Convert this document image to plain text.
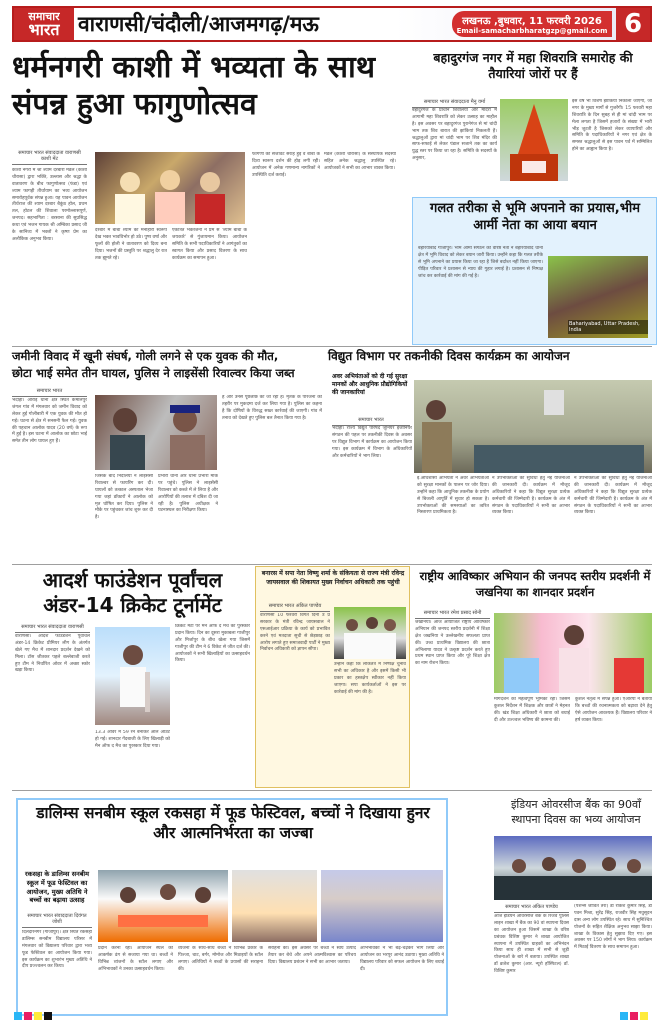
समाचार
भारत वाराणसी/चंदौली/आजमगढ़/मऊ	लखनऊ ,बुधवार, 11 फरवरी 2026
Email-samacharbharatgzp@gmail.com 6
धर्मनगरी काशी में भव्यता के साथ संपन्न हुआ फागुणोत्सव
समाचार भारत संवाददाता वाराणसी
काशी मेंट
काशी नगरी में श्री श्याम दरबारी मंडल (काशी चौरासा) द्वारा भक्ति, उल्लास और श्रद्धा के वातावरण के बीच फागुणोत्सव (फंडा) एवं श्याम फागही तीर्थायाम का भव्य आयोजन समारोहपूर्वक संपन्न हुआ। यह पावन आयोजन तीर्थराज की श्याम दरबार बैकुंठ होल, प्रथम तल, होटल की शिवाला परमोल्लासपूर्ण, जनपद। सहभागिता : बरसाना की सुप्रसिद्ध कथा एवं भजन गायक श्री अम्बिका प्रसाद जी के सानिध्य में भक्तों ने कृष्ण प्रेम का अलौकिक अनुभव किया।
दरबार में बाबा श्याम का मनोहारी स्वरूप देख भक्त भावविभोर हो उठे। पुष्प वर्षा और फूलों की होली ने वातावरण को दिव्य बना दिया। भजनों की प्रस्तुति पर श्रद्धालु देर रात तक झूमते रहे।
एकत्रित भक्तजनों ने प्रेम से 'श्याम बाबा के जयकारे' से गुंजायमान किया। आयोजन समिति के सभी पदाधिकारियों ने आगंतुकों का स्वागत किया और प्रसाद वितरण के साथ कार्यक्रम का समापन हुआ।
फागणी की सजावट सराह हुई व बाबा के दिव्य स्वरूप दर्शन की होड़ लगी रही। आयोजन में अनेक गणमान्य नागरिकों ने उपस्थिति दर्ज कराई।
मंडल (काशी चौरासा) के संस्थापक सदस्यों सहित अनेक श्रद्धालु उपस्थित रहे। आयोजकों ने सभी का आभार व्यक्त किया।
बहादुरगंज नगर में महा शिवरात्रि समारोह की तैयारियां जोरों पर हैं
समाचार भारत संवाददाता मैनु वर्मा
बहादुरगंज के प्राचीन शिवालयों और मंदिरों में आगामी महा शिवरात्रि को लेकर उत्साह का माहौल है। इस अवसर पर बहादुरगंज पुरानेगंज से मां चांदी भाम तक शिव बारात की झांकियां निकलती हैं। श्रद्धालुओं द्वारा मां चांदी भाम पर शिव मंदिर की साफ-सफाई से लेकर पंडाल सजाने तक का कार्य युद्ध स्तर पर किया जा रहा है। समिति के सदस्यों के अनुसार,
इस वर्ष भी विशेष झांकियां निकाली जाएंगी, जो नगर के मुख्य मार्गों से गुजरेंगी। 15 फरवरी महा शिवरात्रि के दिन सुबह से ही मां चांदी भाम पर मेला लगता है जिसमें हजारों के संख्या में भारी भीड़ जुटती है जिसको लेकर व्यापारियों और समिति के पदाधिकारियों ने नगर एवं क्षेत्र के समस्त श्रद्धालुओं से इस पावन पर्व में सम्मिलित होने का आह्वान किया है।
गलत तरीका से भूमि अपनाने का प्रयास,भीम आर्मी नेता का आया बयान
बहरियाबाद गाजीपुर। भीम आर्मी संगठन की वरिष्ठ नेता ने बहरियाबाद थाना क्षेत्र में भूमि विवाद को लेकर बयान जारी किया। उन्होंने कहा कि गलत तरीके से भूमि अपनाने का प्रयास किया जा रहा है जिसे बर्दाश्त नहीं किया जाएगा। पीड़ित परिवार ने प्रशासन से न्याय की गुहार लगाई है। प्रशासन से निष्पक्ष जांच कर कार्रवाई की मांग की गई है।
Bahariyabad, Uttar Pradesh, India
जमीनी विवाद में खूनी संघर्ष, गोली लगने से एक युवक की मौत,
छोटा भाई समेत तीन घायल, पुलिस ने लाइसेंसी रिवाल्वर किया जब्त
समाचार भारत
भदोही। औराई थाना क्षेत्र स्थित कमालपुर जंगल गांव में मंगलवार को जमीन विवाद को लेकर हुई गोलीबारी में एक युवक की मौत हो गई। घटना से क्षेत्र में सनसनी फैल गई। युवक की पहचान आलोक यादव (20 वर्ष) के रूप में हुई है। इस घटना में आलोक का छोटा भाई समेत तीन लोग घायल हुए हैं।
जिसके बाद निर्दलियों ने लाइसेंसी रिवाल्वर से फायरिंग कर दी। घायलों को तत्काल अस्पताल भेजा गया जहां डॉक्टरों ने आलोक को मृत घोषित कर दिया। पुलिस ने मौके पर पहुंचकर जांच शुरू कर दी है।
प्रभारी थाना और थाना प्रभारी मौके पर पहुंचे। पुलिस ने लाइसेंसी रिवाल्वर को कब्जे में ले लिया है और आरोपियों की तलाश में दबिश दी जा रही है। पुलिस अधीक्षक ने घटनास्थल का निरीक्षण किया।
है और उनसे पूछताछ की जा रही है। मृतक के परिजनों की तहरीर पर मुकदमा दर्ज कर लिया गया है। पुलिस का कहना है कि दोषियों के विरुद्ध सख्त कार्रवाई की जाएगी। गांव में तनाव को देखते हुए पुलिस बल तैनात किया गया है।
विद्युत विभाग पर तकनीकी दिवस कार्यक्रम का आयोजन
अवर अभियंताओं को दी गई सुरक्षा मानकों और आधुनिक प्रौद्योगिकियों की जानकारियां
समाचार भारत
भदोही। राज्य विद्युत परिषद जूनियर इंजीनियर संगठन की पहल पर तकनीकी दिवस के अवसर पर विद्युत विभाग में कार्यक्रम का आयोजन किया गया। इस कार्यक्रम में विभाग के अधिकारियों और कर्मचारियों ने भाग लिया।
ई.अधिशासी अभियंता ने अवर अभियंताओं को सुरक्षा मानकों के पालन पर जोर दिया। उन्होंने कहा कि आधुनिक तकनीक के प्रयोग से बिजली आपूर्ति में सुधार हो सकता है। उपभोक्ताओं की समस्याओं का त्वरित निस्तारण प्राथमिकता है।
ने उपभोक्ताओं की सुविधा हेतु नई योजनाओं की जानकारी दी। कार्यक्रम में मौजूद अधिकारियों ने कहा कि विद्युत सुरक्षा प्रत्येक कर्मचारी की जिम्मेदारी है। कार्यक्रम के अंत में संगठन के पदाधिकारियों ने सभी का आभार व्यक्त किया।
ने उपभोक्ताओं की सुविधा हेतु नई योजनाओं की जानकारी दी। कार्यक्रम में मौजूद अधिकारियों ने कहा कि विद्युत सुरक्षा प्रत्येक कर्मचारी की जिम्मेदारी है। कार्यक्रम के अंत में संगठन के पदाधिकारियों ने सभी का आभार व्यक्त किया।
आदर्श फाउंडेशन पूर्वांचल अंडर-14 क्रिकेट टूर्नामेंट
समाचार भारत संवाददाता वाराणसी
वाराणसी। आदर्श फाउंडेशन पूर्वांचल अंडर-14 क्रिकेट प्रीमियर लीग के अंतर्गत खेले गए मैच में शानदार प्रदर्शन देखने को मिला। टॉस जीतकर पहले बल्लेबाजी करते हुए टीम ने निर्धारित ओवर में अच्छा स्कोर खड़ा किया।
13.3 ओवर में 59 रन बनाकर आल आउट हो गई। शानदार गेंदबाजी के लिए खिलाड़ी को मैन ऑफ द मैच का पुरस्कार दिया गया।
क्रिकेट मेंटो पर मैन ऑफ द मैच का पुरस्कार प्रदान किया। दिन का दूसरा मुकाबला गाजीपुर और मिर्जापुर के बीच खेला गया जिसमें गाजीपुर की टीम ने 6 विकेट से जीत दर्ज की। आयोजकों ने सभी खिलाड़ियों का उत्साहवर्धन किया।
बनारस में सपा नेता विष्णु शर्मा के संकियता से राज्य मंत्री रविन्द्र जायसवाल की शिकायत मुख्य निर्वाचन अधिकारी तक पहुंची
समाचार भारत अंकित पाण्डेय
वाराणसी 10 फरवरी विगत दिनों उ प्र सरकार के मंत्री रविन्द्र जायसवाल ने एसआईआर प्रक्रिया के कार्य को प्रभावित करने एवं मतदाता सूची से छेड़छाड़ का आरोप लगाते हुए समाजवादी पार्टी ने मुख्य निर्वाचन अधिकारी को ज्ञापन सौंपा।
उन्होंने कहा कि लोकतंत्र में निष्पक्ष चुनाव सभी का अधिकार है और इसमें किसी भी प्रकार का हस्तक्षेप स्वीकार नहीं किया जाएगा। सपा कार्यकर्ताओं ने इस पर कार्रवाई की मांग की है।
राष्ट्रीय आविष्कार अभियान की जनपद स्तरीय प्रदर्शनी में जखनिया का शानदार प्रदर्शन
समाचार भारत रमेश प्रसाद सोनी
जखनिया। आज आयोजित राष्ट्रीय आविष्कार अभियान की जनपद स्तरीय प्रदर्शनी में शिक्षा क्षेत्र जखनिया ने उल्लेखनीय सफलता प्राप्त की। उच्च प्राथमिक विद्यालय की छात्रा अभिलाषा यादव ने उत्कृष्ट प्रदर्शन करते हुए प्रथम स्थान प्राप्त किया और पूरे शिक्षा क्षेत्र का नाम रोशन किया।
मार्गदर्शन की महत्वपूर्ण भूमिका रही। जिसमें कुशल निर्देशन में शिक्षक और छात्रों ने मेहनत की। खंड शिक्षा अधिकारी ने छात्रा को बधाई दी और उज्ज्वल भविष्य की कामना की।
कुशल नेतृत्व में संपन्न हुआ। एआरपी ने बताया कि बच्चों की रचनात्मकता को बढ़ावा देने हेतु ऐसे आयोजन आवश्यक हैं। विद्यालय परिवार ने हर्ष व्यक्त किया।
डालिम्स सनबीम स्कूल रकसहा में फूड फेस्टिवल, बच्चों ने दिखाया हुनर और आत्मनिर्भरता का जज्बा
रकसहा के डालिम्स सनबीम स्कूल में फूड फेस्टिवल का आयोजन, मुख्य अतिथि ने बच्चों का बढ़ाया उत्साह
समाचार भारत संवाददाता दिवंगत जोशी
दिलदारनगर (गाजीपुर)। क्षेत्र स्थित रकसहा डालिम्स सनबीम विद्यालय परिसर में मंगलवार को विद्यालय परिवार द्वारा भव्य फूड फेस्टिवल का आयोजन किया गया। इस कार्यक्रम का शुभारंभ मुख्य अतिथि ने दीप प्रज्ज्वलन कर किया।
प्रदान करना रहा। आयोजन स्थल को आकर्षक ढंग से सजाया गया था। बच्चों ने विभिन्न व्यंजनों के स्टॉल लगाए और अभिभावकों ने उनका उत्साहवर्धन किया।
व्यंजनों के साथ-साथ बच्चों ने विभिन्न प्रकार के पिज्जा, चाट, बर्गर, मोमोज और मिठाइयों के स्टॉल लगाए। अतिथियों ने बच्चों के प्रयासों की सराहना की।
सराहनी की। इस अवसर पर बच्चों ने स्वयं उत्पाद तैयार कर बेचे और अपने आत्मविश्वास का परिचय दिया। विद्यालय प्रबंधन ने सभी का आभार जताया।
अभिभावकों ने भी बढ़-चढ़कर भाग लिया और आयोजन का भरपूर आनंद उठाया। मुख्य अतिथि ने विद्यालय परिवार को सफल आयोजन के लिए बधाई दी।
इंडियन ओवरसीज बैंक का 90वाँ स्थापना दिवस का भव्य आयोजन
समाचार भारत अंकित पाण्डेय
आज इंडियन ओवरसीज बैंक के रिजर्व पुलिस लाइन शाखा में बैंक का 90 वां स्थापना दिवस का आयोजन हुआ जिसमें शाखा के वरिष्ठ प्रबंधक विशिष्ट कुमार ने शाखा आयोजित स्थापना में उपस्थित ग्राहकों का अभिनंदन किया साथ ही शाखा में सभी से जुड़ी योजनाओं के बारे में बताया। उपस्थित शाखा डॉ ब्रजेश कुमार (आर. न्यूरो हॉस्पिटल) डॉ. विशिष्ट कुमार
(पेशन्स जीवित तैरा) डॉ राकेश कुमार सिंह, डॉ पवन मिश्रा, सुरेंद्र सिंह, राजवीर सिंह मधुसूदन दास अन्य लोग उपस्थित रहे। साथ में सुनिश्चित योजनों के सहित शैक्षिक अनुभव साझा किया। शाखा के विकास हेतु सुझाव दिए गए। इस अवसर पर 150 लोगों ने भाग लिया। कार्यक्रम में मिठाई वितरण के साथ समापन हुआ।
